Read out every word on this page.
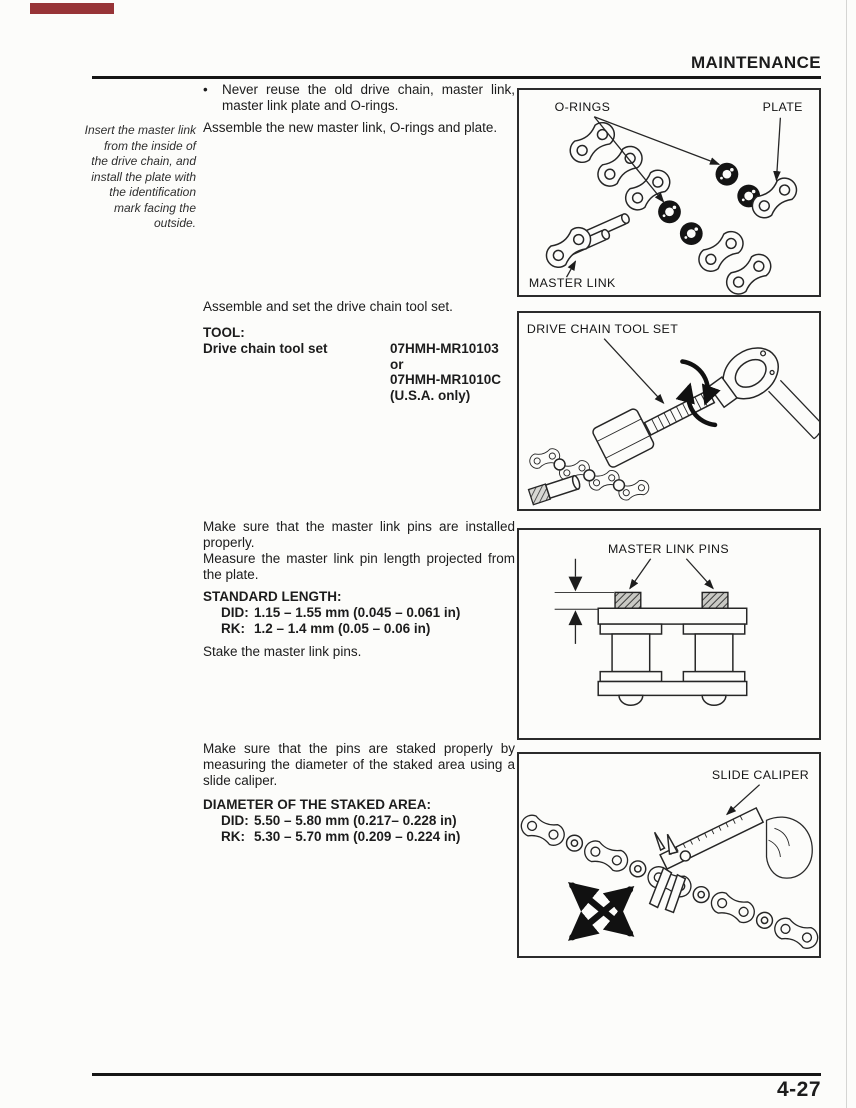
MAINTENANCE
Insert the master link from the inside of the drive chain, and install the plate with the identification mark facing the outside.
•	Never reuse the old drive chain, master link, master link plate and O-rings.
Assemble the new master link, O-rings and plate.
Assemble and set the drive chain tool set.
TOOL:
Drive chain tool set	07HMH-MR10103 or
07HMH-MR1010C
(U.S.A. only)
Make sure that the master link pins are installed properly.
Measure the master link pin length projected from the plate.
STANDARD LENGTH:
DID: 1.15 – 1.55 mm (0.045 – 0.061 in)
RK: 1.2 – 1.4 mm (0.05 – 0.06 in)
Stake the master link pins.
Make sure that the pins are staked properly by measuring the diameter of the staked area using a slide caliper.
DIAMETER OF THE STAKED AREA:
DID: 5.50 – 5.80 mm (0.217– 0.228 in)
RK: 5.30 – 5.70 mm (0.209 – 0.224 in)
O-RINGS	PLATE
MASTER LINK
DRIVE CHAIN TOOL SET
MASTER LINK PINS
SLIDE CALIPER
4-27
